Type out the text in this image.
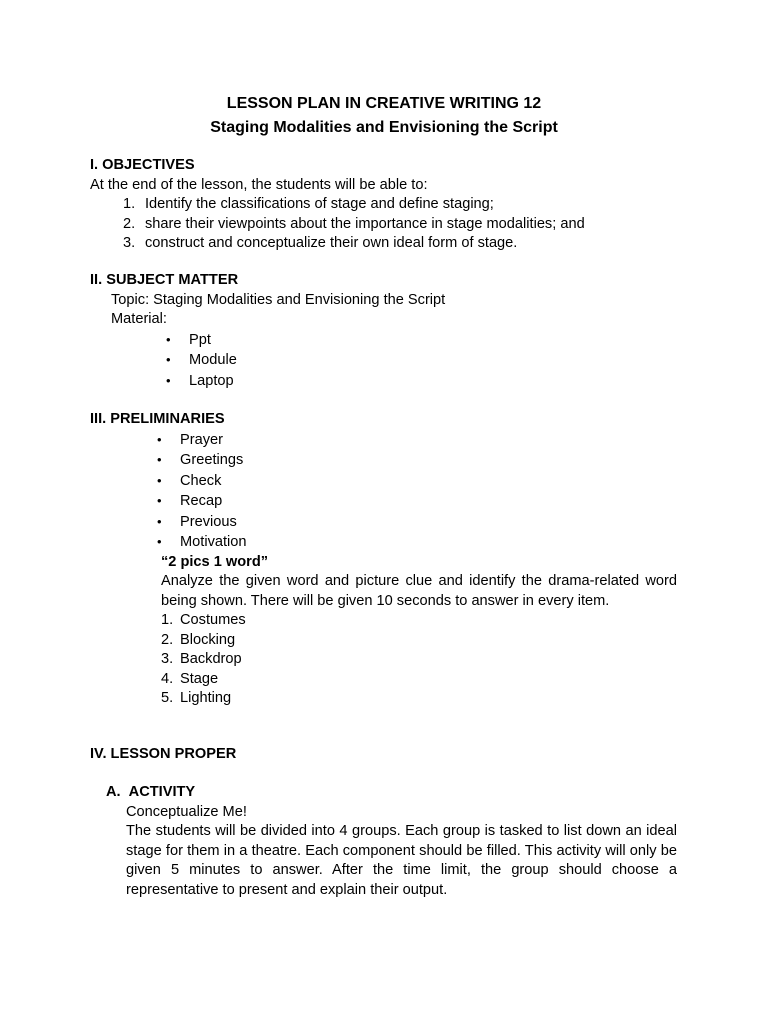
LESSON PLAN IN CREATIVE WRITING 12
Staging Modalities and Envisioning the Script
I. OBJECTIVES
At the end of the lesson, the students will be able to:
1. Identify the classifications of stage and define staging;
2. share their viewpoints about the importance in stage modalities; and
3. construct and conceptualize their own ideal form of stage.
II. SUBJECT MATTER
Topic: Staging Modalities and Envisioning the Script
Material:
• Ppt
• Module
• Laptop
III. PRELIMINARIES
• Prayer
• Greetings
• Check
• Recap
• Previous
• Motivation
“2 pics 1 word”
Analyze the given word and picture clue and identify the drama-related word being shown. There will be given 10 seconds to answer in every item.
1. Costumes
2. Blocking
3. Backdrop
4. Stage
5. Lighting
IV. LESSON PROPER
A. ACTIVITY
Conceptualize Me!
The students will be divided into 4 groups. Each group is tasked to list down an ideal stage for them in a theatre. Each component should be filled. This activity will only be given 5 minutes to answer. After the time limit, the group should choose a representative to present and explain their output.
